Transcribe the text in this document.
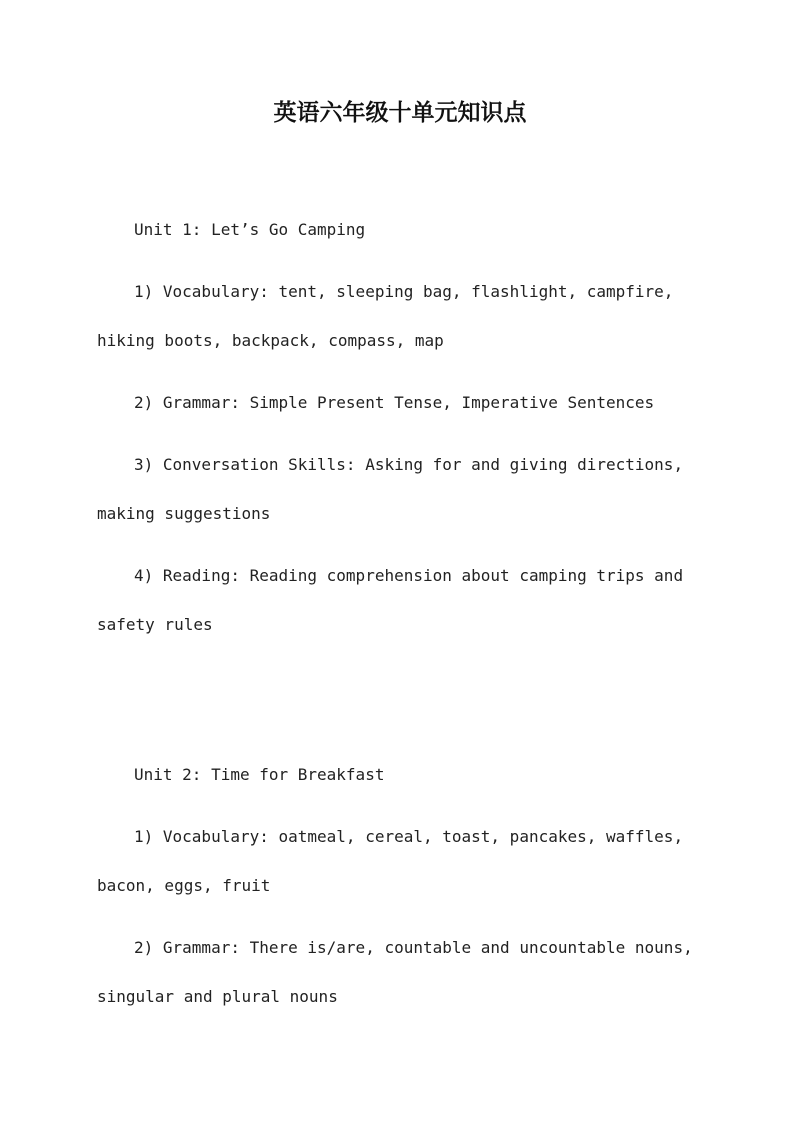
英语六年级十单元知识点

Unit 1: Let’s Go Camping

1) Vocabulary: tent, sleeping bag, flashlight, campfire,

hiking boots, backpack, compass, map

2) Grammar: Simple Present Tense, Imperative Sentences

3) Conversation Skills: Asking for and giving directions,

making suggestions

4) Reading: Reading comprehension about camping trips and

safety rules

Unit 2: Time for Breakfast

1) Vocabulary: oatmeal, cereal, toast, pancakes, waffles,

bacon, eggs, fruit

2) Grammar: There is/are, countable and uncountable nouns,

singular and plural nouns
